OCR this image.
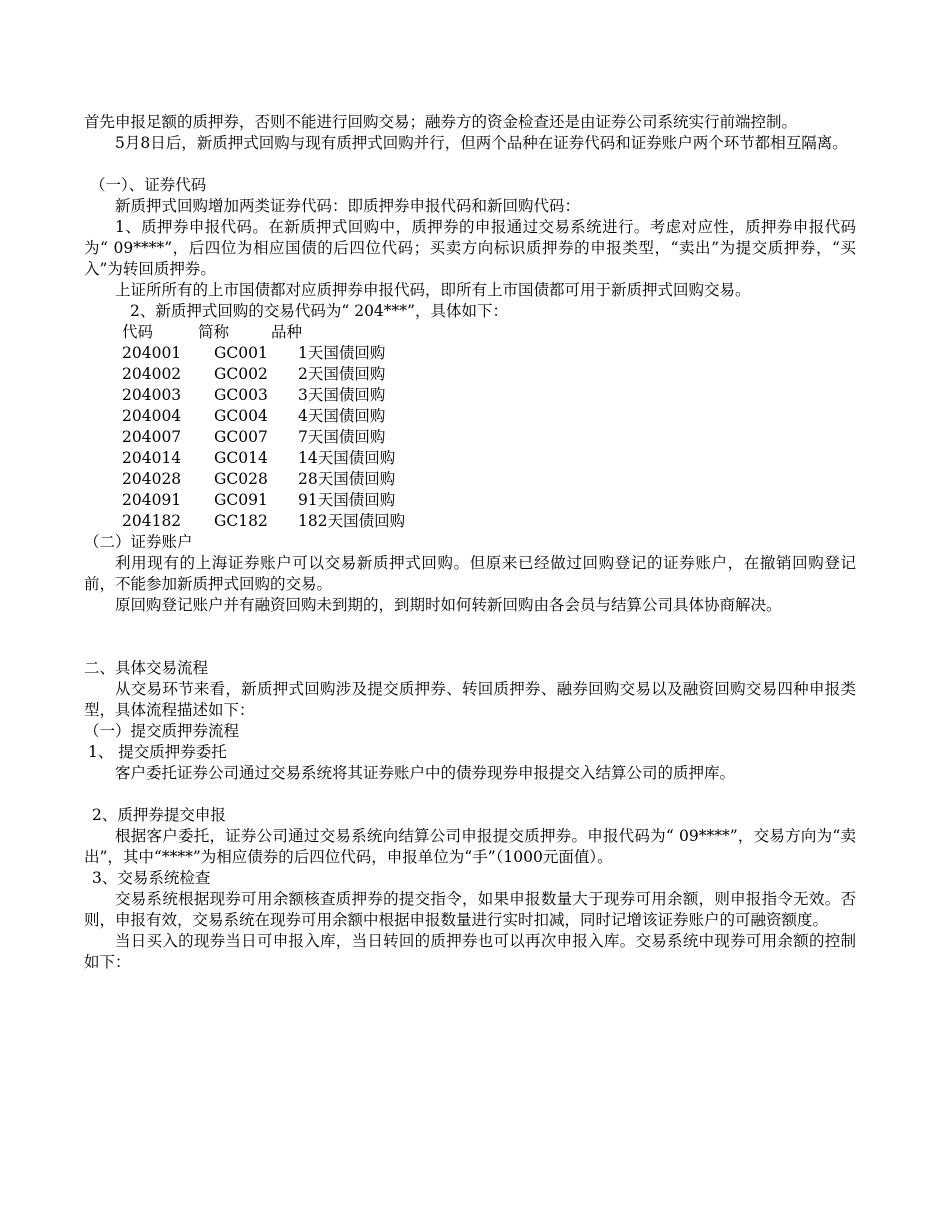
首先申报足额的质押券，否则不能进行回购交易；融券方的资金检查还是由证券公司系统实行前端控制。

5月8日后，新质押式回购与现有质押式回购并行，但两个品种在证券代码和证券账户两个环节都相互隔离。

（一）、证券代码

新质押式回购增加两类证券代码：即质押券申报代码和新回购代码：

1、质押券申报代码。在新质押式回购中，质押券的申报通过交易系统进行。考虑对应性，质押券申报代码为“ 09****”，后四位为相应国债的后四位代码；买卖方向标识质押券的申报类型，“卖出”为提交质押券，“买入”为转回质押券。

上证所所有的上市国债都对应质押券申报代码，即所有上市国债都可用于新质押式回购交易。

2、新质押式回购的交易代码为“ 204***”，具体如下：

代码	简称	品种
204001	GC001	1天国债回购
204002	GC002	2天国债回购
204003	GC003	3天国债回购
204004	GC004	4天国债回购
204007	GC007	7天国债回购
204014	GC014	14天国债回购
204028	GC028	28天国债回购
204091	GC091	91天国债回购
204182	GC182	182天国债回购

（二）证券账户

利用现有的上海证券账户可以交易新质押式回购。但原来已经做过回购登记的证券账户，在撤销回购登记前，不能参加新质押式回购的交易。

原回购登记账户并有融资回购未到期的，到期时如何转新回购由各会员与结算公司具体协商解决。

二、具体交易流程

从交易环节来看，新质押式回购涉及提交质押券、转回质押券、融券回购交易以及融资回购交易四种申报类型，具体流程描述如下：

（一）提交质押券流程

1、 提交质押券委托

客户委托证券公司通过交易系统将其证券账户中的债券现券申报提交入结算公司的质押库。

2、质押券提交申报

根据客户委托，证券公司通过交易系统向结算公司申报提交质押券。申报代码为“ 09****”，交易方向为“卖出”，其中“****”为相应债券的后四位代码，申报单位为“手”（1000元面值）。

3、交易系统检查

交易系统根据现券可用余额核查质押券的提交指令，如果申报数量大于现券可用余额，则申报指令无效。否则，申报有效，交易系统在现券可用余额中根据申报数量进行实时扣减，同时记增该证券账户的可融资额度。

当日买入的现券当日可申报入库，当日转回的质押券也可以再次申报入库。交易系统中现券可用余额的控制如下：
